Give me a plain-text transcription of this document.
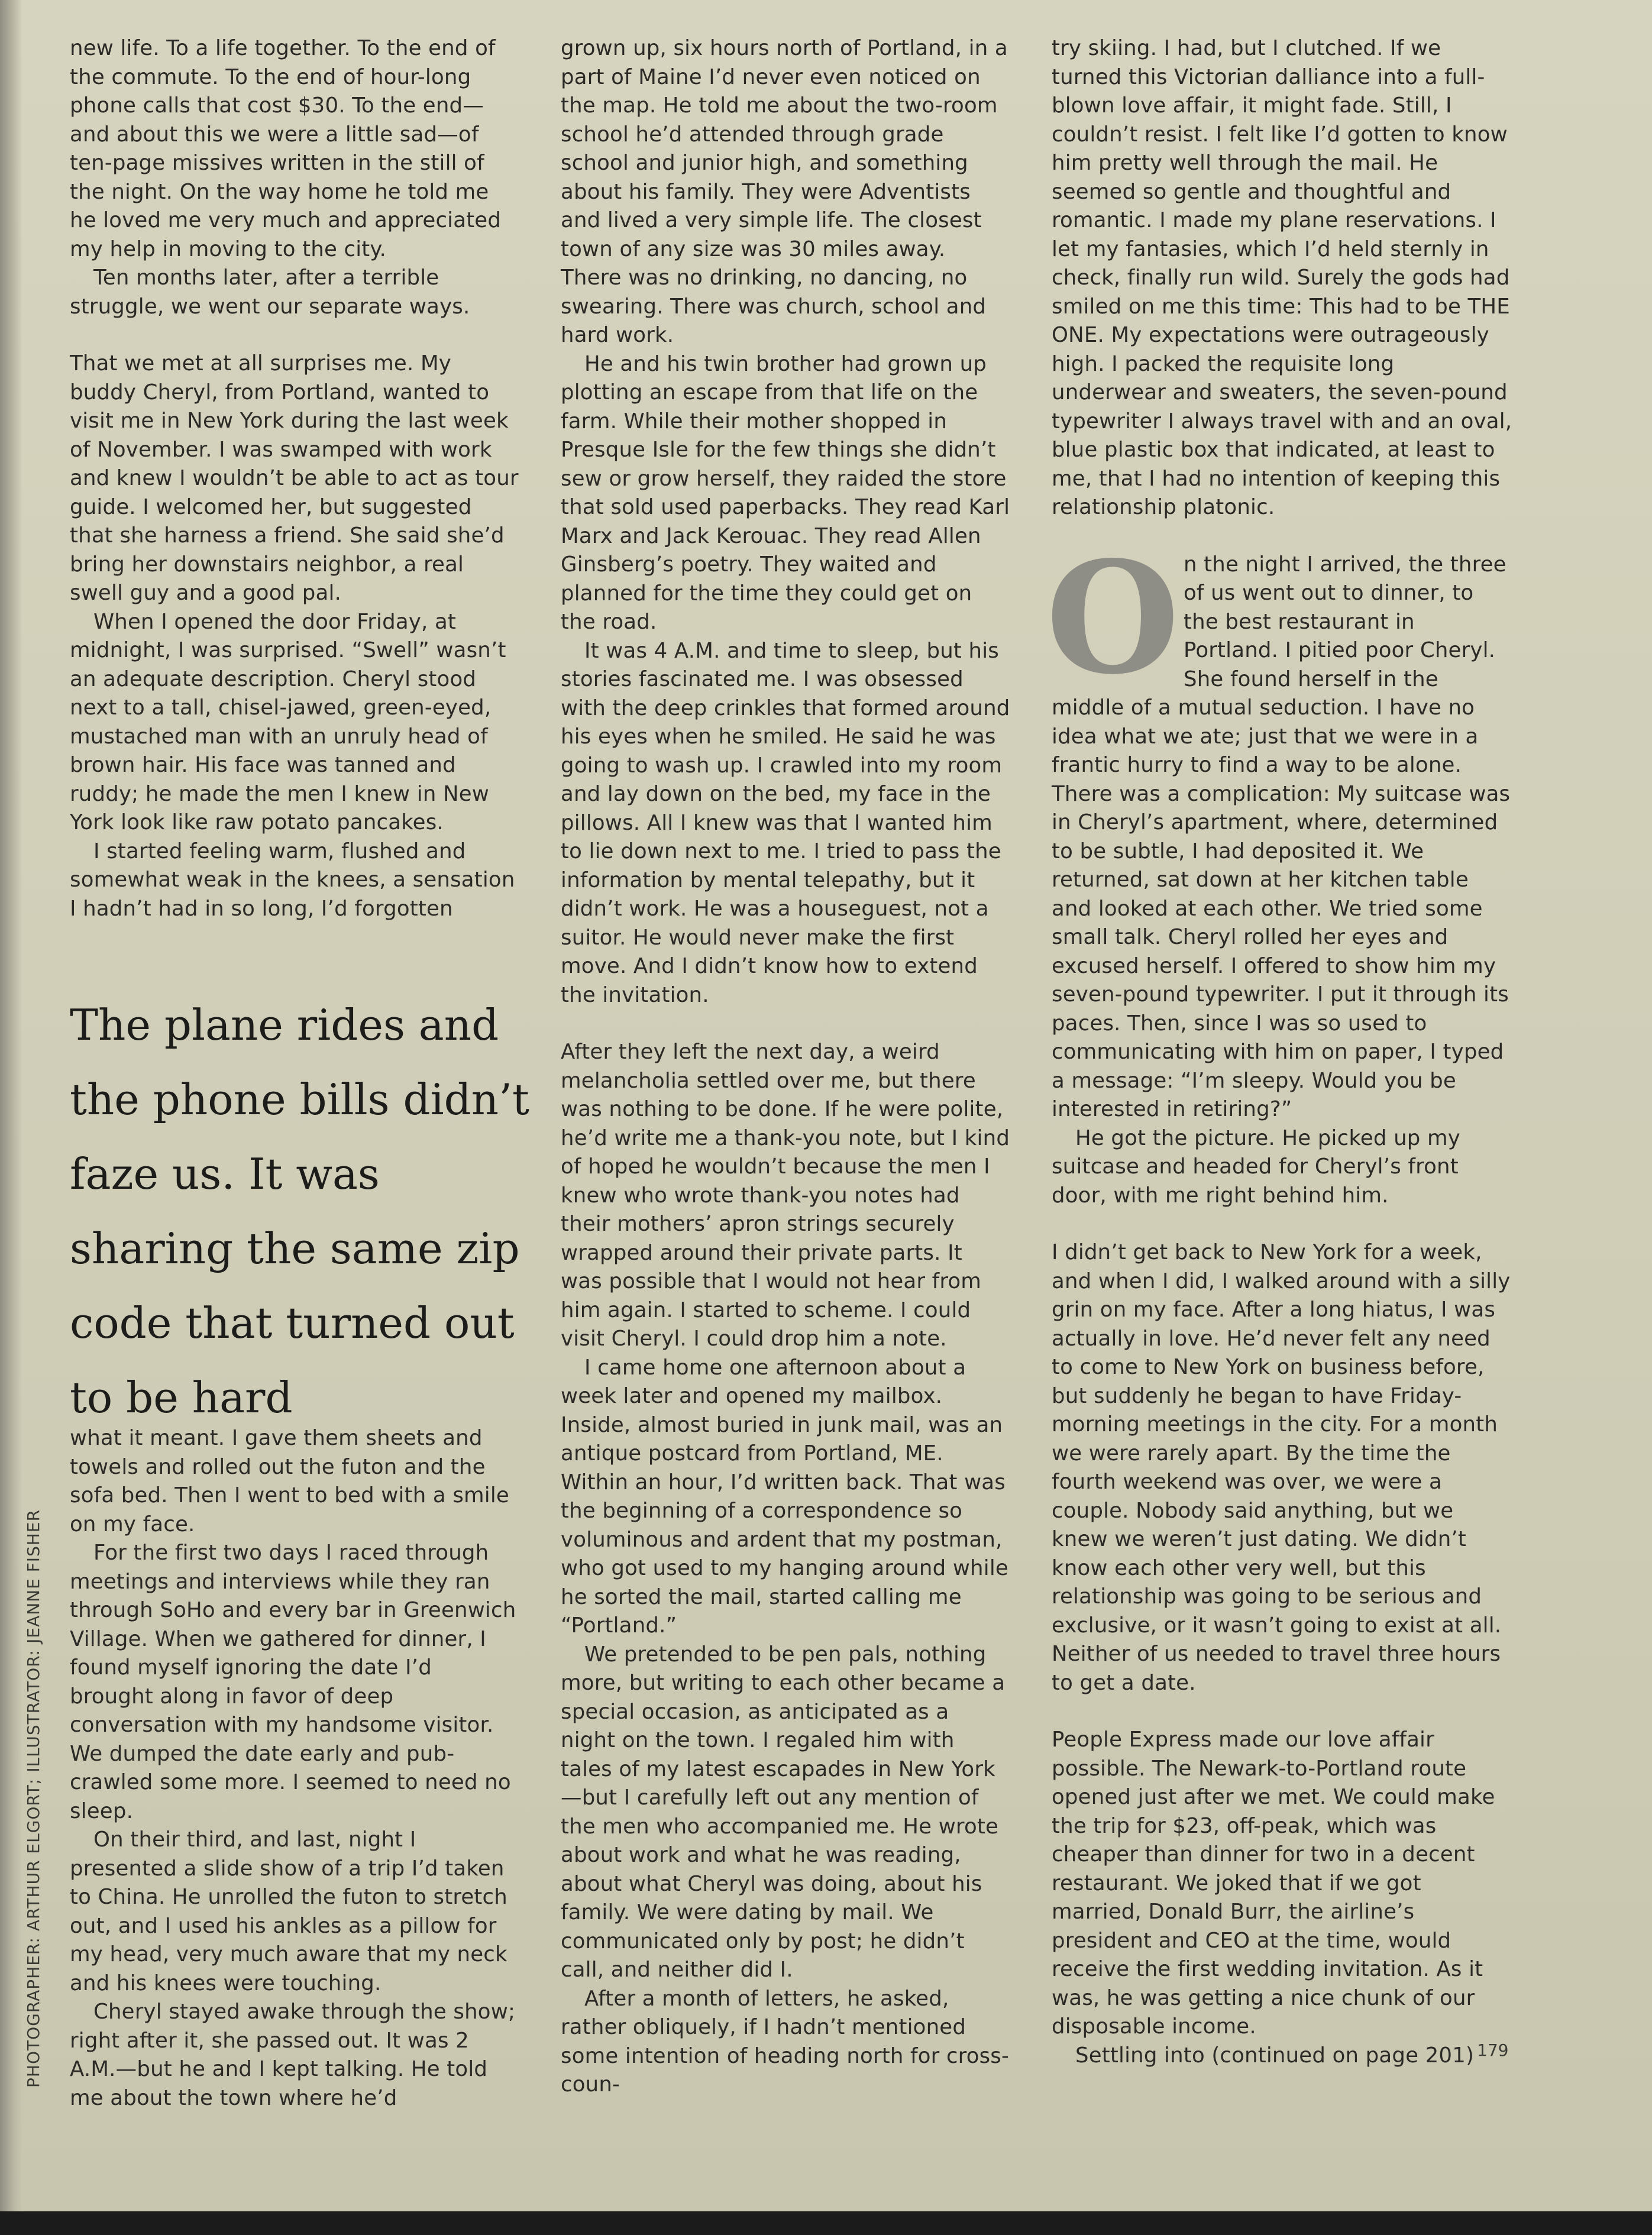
PHOTOGRAPHER: ARTHUR ELGORT; ILLUSTRATOR: JEANNE FISHER

new life. To a life together. To the end of the commute. To the end of hour-long phone calls that cost $30. To the end—and about this we were a little sad—of ten-page missives written in the still of the night. On the way home he told me he loved me very much and appreciated my help in moving to the city.

Ten months later, after a terrible struggle, we went our separate ways.

That we met at all surprises me. My buddy Cheryl, from Portland, wanted to visit me in New York during the last week of November. I was swamped with work and knew I wouldn’t be able to act as tour guide. I welcomed her, but suggested that she harness a friend. She said she’d bring her downstairs neighbor, a real swell guy and a good pal.

When I opened the door Friday, at midnight, I was surprised. “Swell” wasn’t an adequate description. Cheryl stood next to a tall, chisel-jawed, green-eyed, mustached man with an unruly head of brown hair. His face was tanned and ruddy; he made the men I knew in New York look like raw potato pancakes.

I started feeling warm, flushed and somewhat weak in the knees, a sensation I hadn’t had in so long, I’d forgotten

The plane rides and the phone bills didn’t faze us. It was sharing the same zip code that turned out to be hard

what it meant. I gave them sheets and towels and rolled out the futon and the sofa bed. Then I went to bed with a smile on my face.

For the first two days I raced through meetings and interviews while they ran through SoHo and every bar in Greenwich Village. When we gathered for dinner, I found myself ignoring the date I’d brought along in favor of deep conversation with my handsome visitor. We dumped the date early and pub-crawled some more. I seemed to need no sleep.

On their third, and last, night I presented a slide show of a trip I’d taken to China. He unrolled the futon to stretch out, and I used his ankles as a pillow for my head, very much aware that my neck and his knees were touching.

Cheryl stayed awake through the show; right after it, she passed out. It was 2 A.M.—but he and I kept talking. He told me about the town where he’d

grown up, six hours north of Portland, in a part of Maine I’d never even noticed on the map. He told me about the two-room school he’d attended through grade school and junior high, and something about his family. They were Adventists and lived a very simple life. The closest town of any size was 30 miles away. There was no drinking, no dancing, no swearing. There was church, school and hard work.

He and his twin brother had grown up plotting an escape from that life on the farm. While their mother shopped in Presque Isle for the few things she didn’t sew or grow herself, they raided the store that sold used paperbacks. They read Karl Marx and Jack Kerouac. They read Allen Ginsberg’s poetry. They waited and planned for the time they could get on the road.

It was 4 A.M. and time to sleep, but his stories fascinated me. I was obsessed with the deep crinkles that formed around his eyes when he smiled. He said he was going to wash up. I crawled into my room and lay down on the bed, my face in the pillows. All I knew was that I wanted him to lie down next to me. I tried to pass the information by mental telepathy, but it didn’t work. He was a houseguest, not a suitor. He would never make the first move. And I didn’t know how to extend the invitation.

After they left the next day, a weird melancholia settled over me, but there was nothing to be done. If he were polite, he’d write me a thank-you note, but I kind of hoped he wouldn’t because the men I knew who wrote thank-you notes had their mothers’ apron strings securely wrapped around their private parts. It was possible that I would not hear from him again. I started to scheme. I could visit Cheryl. I could drop him a note.

I came home one afternoon about a week later and opened my mailbox. Inside, almost buried in junk mail, was an antique postcard from Portland, ME. Within an hour, I’d written back. That was the beginning of a correspondence so voluminous and ardent that my postman, who got used to my hanging around while he sorted the mail, started calling me “Portland.”

We pretended to be pen pals, nothing more, but writing to each other became a special occasion, as anticipated as a night on the town. I regaled him with tales of my latest escapades in New York—but I carefully left out any mention of the men who accompanied me. He wrote about work and what he was reading, about what Cheryl was doing, about his family. We were dating by mail. We communicated only by post; he didn’t call, and neither did I.

After a month of letters, he asked, rather obliquely, if I hadn’t mentioned some intention of heading north for cross-coun-

try skiing. I had, but I clutched. If we turned this Victorian dalliance into a full-blown love affair, it might fade. Still, I couldn’t resist. I felt like I’d gotten to know him pretty well through the mail. He seemed so gentle and thoughtful and romantic. I made my plane reservations. I let my fantasies, which I’d held sternly in check, finally run wild. Surely the gods had smiled on me this time: This had to be THE ONE. My expectations were outrageously high. I packed the requisite long underwear and sweaters, the seven-pound typewriter I always travel with and an oval, blue plastic box that indicated, at least to me, that I had no intention of keeping this relationship platonic.

On the night I arrived, the three of us went out to dinner, to the best restaurant in Portland. I pitied poor Cheryl. She found herself in the middle of a mutual seduction. I have no idea what we ate; just that we were in a frantic hurry to find a way to be alone. There was a complication: My suitcase was in Cheryl’s apartment, where, determined to be subtle, I had deposited it. We returned, sat down at her kitchen table and looked at each other. We tried some small talk. Cheryl rolled her eyes and excused herself. I offered to show him my seven-pound typewriter. I put it through its paces. Then, since I was so used to communicating with him on paper, I typed a message: “I’m sleepy. Would you be interested in retiring?”

He got the picture. He picked up my suitcase and headed for Cheryl’s front door, with me right behind him.

I didn’t get back to New York for a week, and when I did, I walked around with a silly grin on my face. After a long hiatus, I was actually in love. He’d never felt any need to come to New York on business before, but suddenly he began to have Friday-morning meetings in the city. For a month we were rarely apart. By the time the fourth weekend was over, we were a couple. Nobody said anything, but we knew we weren’t just dating. We didn’t know each other very well, but this relationship was going to be serious and exclusive, or it wasn’t going to exist at all. Neither of us needed to travel three hours to get a date.

People Express made our love affair possible. The Newark-to-Portland route opened just after we met. We could make the trip for $23, off-peak, which was cheaper than dinner for two in a decent restaurant. We joked that if we got married, Donald Burr, the airline’s president and CEO at the time, would receive the first wedding invitation. As it was, he was getting a nice chunk of our disposable income.

Settling into (continued on page 201) 179
